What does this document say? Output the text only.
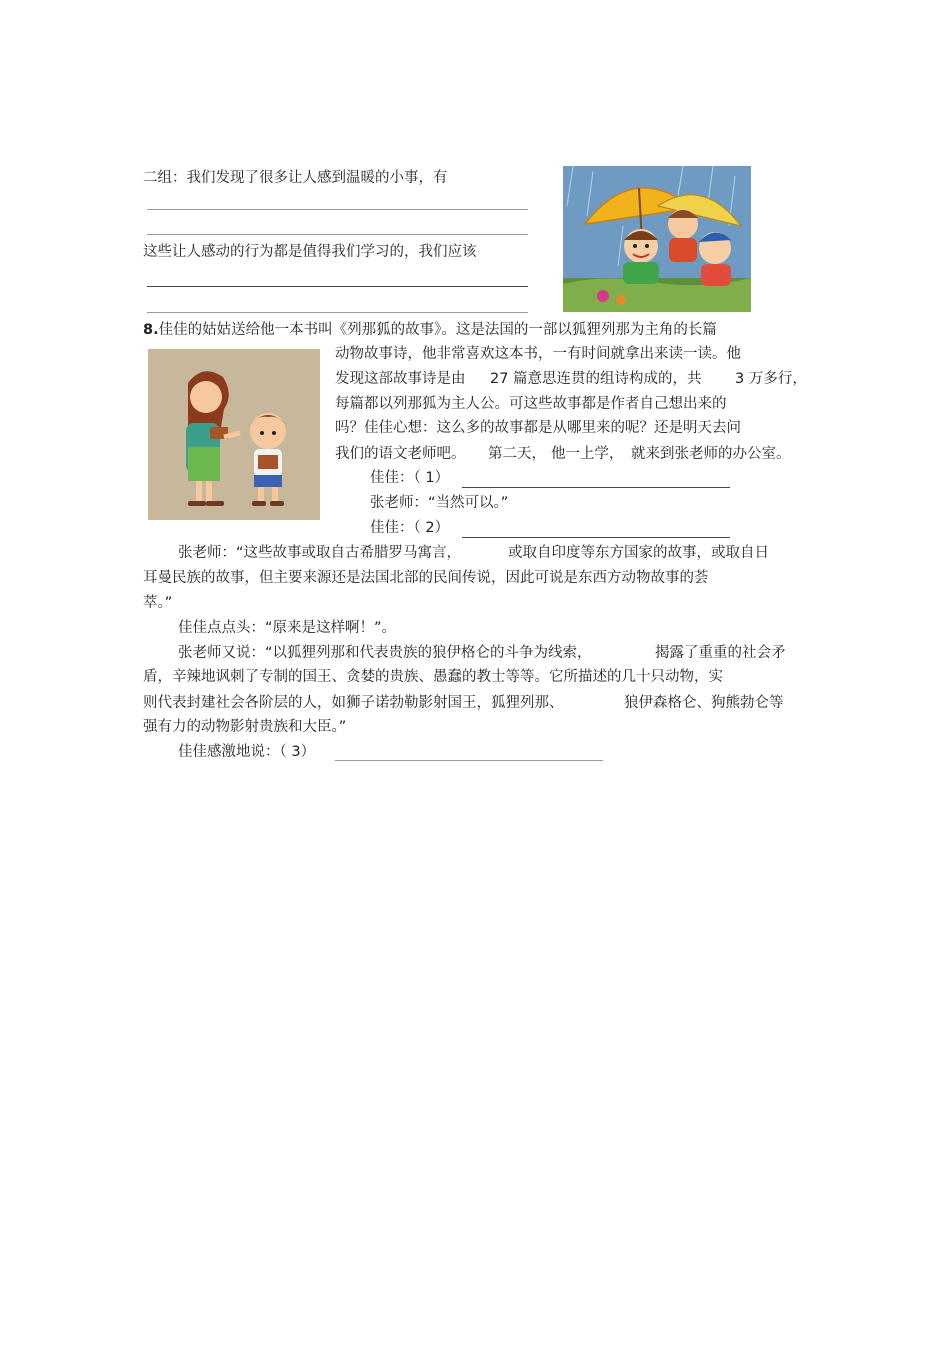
二组：我们发现了很多让人感到温暖的小事，有
这些让人感动的行为都是值得我们学习的，我们应该
8.佳佳的姑姑送给他一本书叫《列那狐的故事》。这是法国的一部以狐狸列那为主角的长篇
动物故事诗，他非常喜欢这本书，一有时间就拿出来读一读。他
发现这部故事诗是由 27 篇意思连贯的组诗构成的，共 3 万多行，
每篇都以列那狐为主人公。可这些故事都是作者自己想出来的
吗？佳佳心想：这么多的故事都是从哪里来的呢？还是明天去问
我们的语文老师吧。 第二天， 他一上学， 就来到张老师的办公室。
佳佳：（ 1）
张老师：“当然可以。”
佳佳：（ 2）
张老师：“这些故事或取自古希腊罗马寓言，	或取自印度等东方国家的故事，或取自日
耳曼民族的故事，但主要来源还是法国北部的民间传说，因此可说是东西方动物故事的荟
萃。”
佳佳点点头：“原来是这样啊！”。
张老师又说：“以狐狸列那和代表贵族的狼伊格仑的斗争为线索，	揭露了重重的社会矛
盾，辛辣地讽刺了专制的国王、贪婪的贵族、愚蠢的教士等等。它所描述的几十只动物，实
则代表封建社会各阶层的人，如狮子诺勃勒影射国王，狐狸列那、	狼伊森格仑、狗熊勃仑等
强有力的动物影射贵族和大臣。”
佳佳感激地说：（ 3）
